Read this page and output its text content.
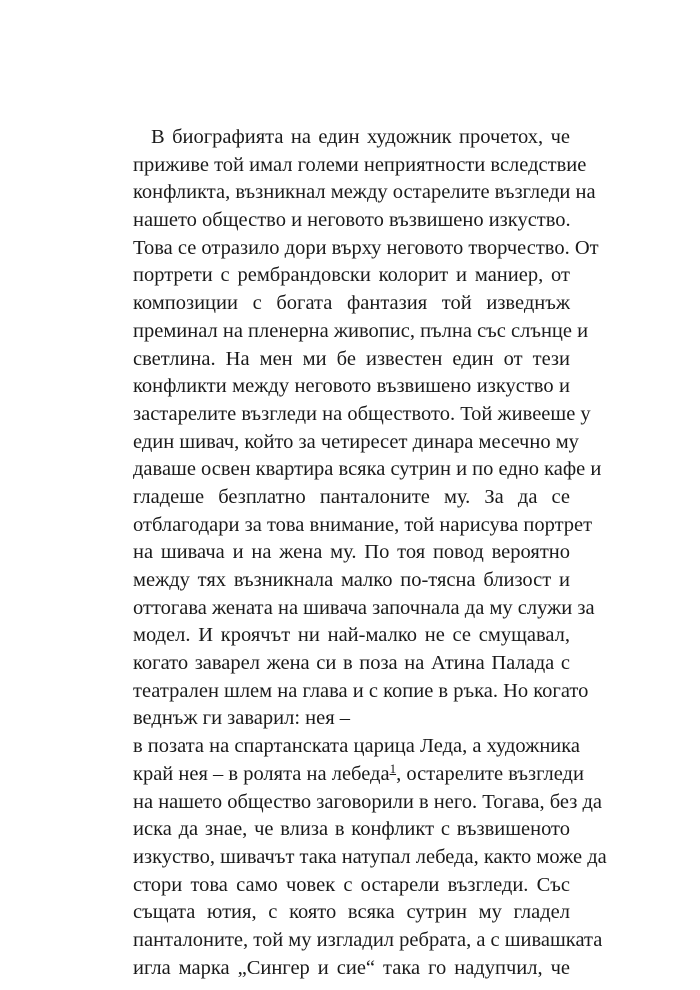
В биографията на един художник прочетох, че
приживе той имал големи неприятности вследствие
конфликта, възникнал между остарелите възгледи на
нашето общество и неговото възвишено изкуство.
Това се отразило дори върху неговото творчество. От
портрети с рембрандовски колорит и маниер, от
композиции с богата фантазия той изведнъж
преминал на пленерна живопис, пълна със слънце и
светлина. На мен ми бе известен един от тези
конфликти между неговото възвишено изкуство и
застарелите възгледи на обществото. Той живееше у
един шивач, който за четиресет динара месечно му
даваше освен квартира всяка сутрин и по едно кафе и
гладеше безплатно панталоните му. За да се
отблагодари за това внимание, той нарисува портрет
на шивача и на жена му. По тоя повод вероятно
между тях възникнала малко по-тясна близост и
оттогава жената на шивача започнала да му служи за
модел. И кроячът ни най-малко не се смущавал,
когато заварел жена си в поза на Атина Палада с
театрален шлем на глава и с копие в ръка. Но когато
веднъж ги заварил: нея –
в позата на спартанската царица Леда, а художника
край нея – в ролята на лебеда$^1$, остарелите възгледи
на нашето общество заговорили в него. Тогава, без да
иска да знае, че влиза в конфликт с възвишеното
изкуство, шивачът така натупал лебеда, както може да
стори това само човек с остарели възгледи. Със
същата ютия, с която всяка сутрин му гладел
панталоните, той му изгладил ребрата, а с шивашката
игла марка „Сингер и сие“ така го надупчил, че
